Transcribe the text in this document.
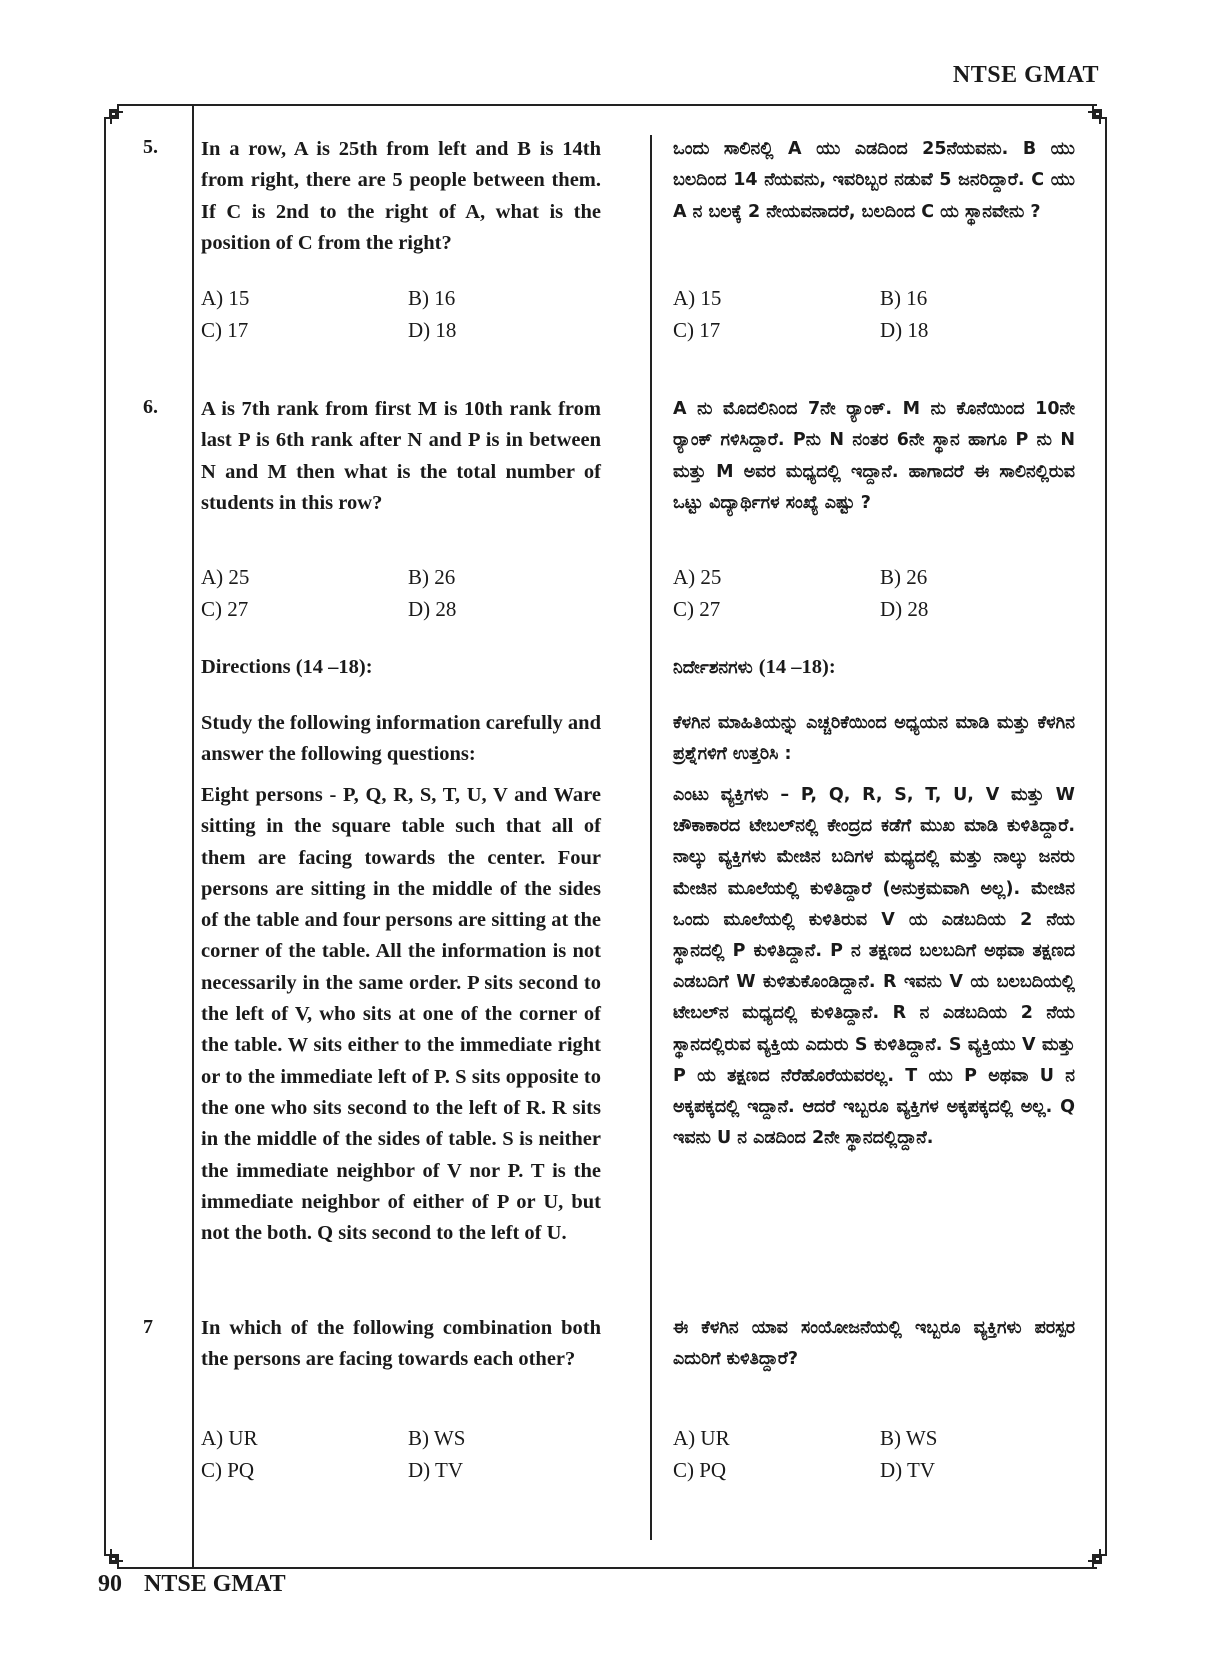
NTSE GMAT
5.	In a row, A is 25th from left and B is 14th from right, there are 5 people between them. If C is 2nd to the right of A, what is the position of C from the right?
ಒಂದು ಸಾಲಿನಲ್ಲಿ A ಯು ಎಡದಿಂದ 25ನೆಯವನು. B ಯು ಬಲದಿಂದ 14 ನೆಯವನು, ಇವರಿಬ್ಬರ ನಡುವೆ 5 ಜನರಿದ್ದಾರೆ. C ಯು A ನ ಬಲಕ್ಕೆ 2 ನೇಯವನಾದರೆ, ಬಲದಿಂದ C ಯ ಸ್ಥಾನವೇನು ?
A) 15	B) 16
C) 17	D) 18
A) 15	B) 16
C) 17	D) 18
6.	A is 7th rank from first M is 10th rank from last P is 6th rank after N and P is in between N and M then what is the total number of students in this row?
A ನು ಮೊದಲಿನಿಂದ 7ನೇ ರ್‍ಯಾಂಕ್. M ನು ಕೊನೆಯಿಂದ 10ನೇ ರ್‍ಯಾಂಕ್ ಗಳಿಸಿದ್ದಾರೆ. Pನು N ನಂತರ 6ನೇ ಸ್ಥಾನ ಹಾಗೂ P ನು N ಮತ್ತು M ಅವರ ಮಧ್ಯದಲ್ಲಿ ಇದ್ದಾನೆ. ಹಾಗಾದರೆ ಈ ಸಾಲಿನಲ್ಲಿರುವ ಒಟ್ಟು ವಿದ್ಯಾರ್ಥಿಗಳ ಸಂಖ್ಯೆ ಎಷ್ಟು ?
A) 25	B) 26
C) 27	D) 28
A) 25	B) 26
C) 27	D) 28
Directions (14 –18):	ನಿರ್ದೇಶನಗಳು (14 –18):
Study the following information carefully and answer the following questions:
ಕೆಳಗಿನ ಮಾಹಿತಿಯನ್ನು ಎಚ್ಚರಿಕೆಯಿಂದ ಅಧ್ಯಯನ ಮಾಡಿ ಮತ್ತು ಕೆಳಗಿನ ಪ್ರಶ್ನೆಗಳಿಗೆ ಉತ್ತರಿಸಿ :
Eight persons - P, Q, R, S, T, U, V and Ware sitting in the square table such that all of them are facing towards the center. Four persons are sitting in the middle of the sides of the table and four persons are sitting at the corner of the table. All the information is not necessarily in the same order. P sits second to the left of V, who sits at one of the corner of the table. W sits either to the immediate right or to the immediate left of P. S sits opposite to the one who sits second to the left of R. R sits in the middle of the sides of table. S is neither the immediate neighbor of V nor P. T is the immediate neighbor of either of P or U, but not the both. Q sits second to the left of U.
ಎಂಟು ವ್ಯಕ್ತಿಗಳು – P, Q, R, S, T, U, V ಮತ್ತು W ಚೌಕಾಕಾರದ ಟೇಬಲ್‌ನಲ್ಲಿ ಕೇಂದ್ರದ ಕಡೆಗೆ ಮುಖ ಮಾಡಿ ಕುಳಿತಿದ್ದಾರೆ. ನಾಲ್ಕು ವ್ಯಕ್ತಿಗಳು ಮೇಜಿನ ಬದಿಗಳ ಮಧ್ಯದಲ್ಲಿ ಮತ್ತು ನಾಲ್ಕು ಜನರು ಮೇಜಿನ ಮೂಲೆಯಲ್ಲಿ ಕುಳಿತಿದ್ದಾರೆ (ಅನುಕ್ರಮವಾಗಿ ಅಲ್ಲ). ಮೇಜಿನ ಒಂದು ಮೂಲೆಯಲ್ಲಿ ಕುಳಿತಿರುವ V ಯ ಎಡಬದಿಯ 2 ನೆಯ ಸ್ಥಾನದಲ್ಲಿ P ಕುಳಿತಿದ್ದಾನೆ. P ನ ತಕ್ಷಣದ ಬಲಬದಿಗೆ ಅಥವಾ ತಕ್ಷಣದ ಎಡಬದಿಗೆ W ಕುಳಿತುಕೊಂಡಿದ್ದಾನೆ. R ಇವನು V ಯ ಬಲಬದಿಯಲ್ಲಿ ಟೇಬಲ್‌ನ ಮಧ್ಯದಲ್ಲಿ ಕುಳಿತಿದ್ದಾನೆ. R ನ ಎಡಬದಿಯ 2 ನೆಯ ಸ್ಥಾನದಲ್ಲಿರುವ ವ್ಯಕ್ತಿಯ ಎದುರು S ಕುಳಿತಿದ್ದಾನೆ. S ವ್ಯಕ್ತಿಯು V ಮತ್ತು P ಯ ತಕ್ಷಣದ ನೆರೆಹೊರೆಯವರಲ್ಲ. T ಯು P ಅಥವಾ U ನ ಅಕ್ಕಪಕ್ಕದಲ್ಲಿ ಇದ್ದಾನೆ. ಆದರೆ ಇಬ್ಬರೂ ವ್ಯಕ್ತಿಗಳ ಅಕ್ಕಪಕ್ಕದಲ್ಲಿ ಅಲ್ಲ. Q ಇವನು U ನ ಎಡದಿಂದ 2ನೇ ಸ್ಥಾನದಲ್ಲಿದ್ದಾನೆ.
7	In which of the following combination both the persons are facing towards each other?
ಈ ಕೆಳಗಿನ ಯಾವ ಸಂಯೋಜನೆಯಲ್ಲಿ ಇಬ್ಬರೂ ವ್ಯಕ್ತಿಗಳು ಪರಸ್ಪರ ಎದುರಿಗೆ ಕುಳಿತಿದ್ದಾರೆ?
A) UR	B) WS
C) PQ	D) TV
A) UR	B) WS
C) PQ	D) TV
90 NTSE GMAT
